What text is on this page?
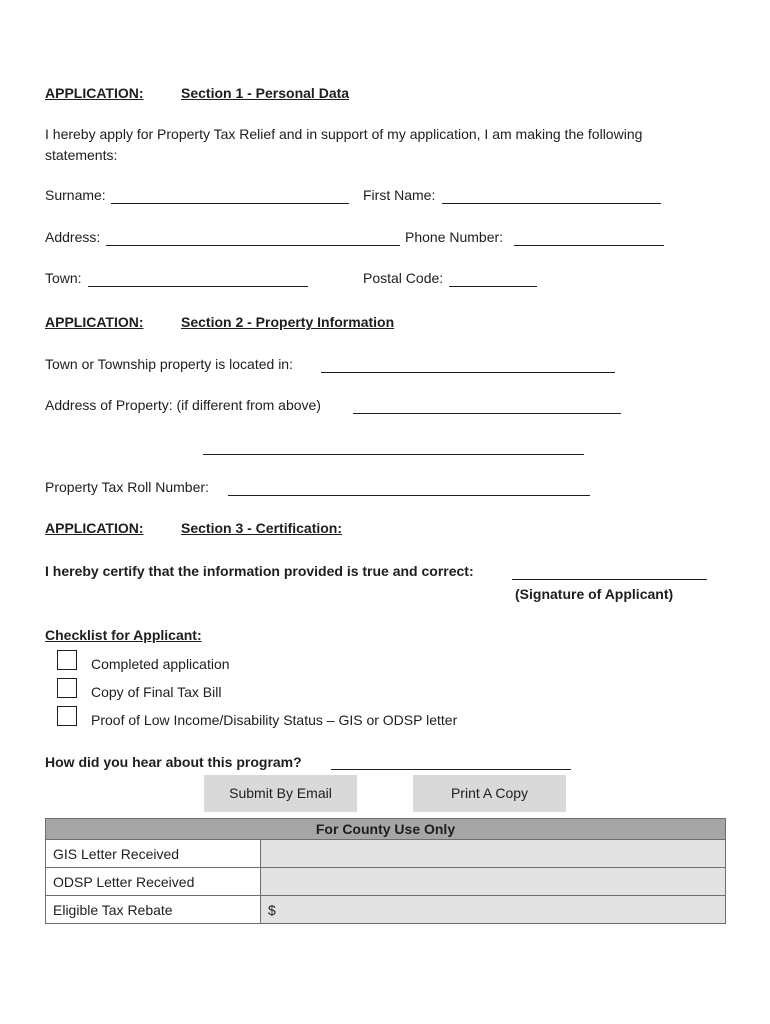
APPLICATION:	Section 1 - Personal Data
I hereby apply for Property Tax Relief and in support of my application, I am making the following
statements:
Surname:	First Name:
Address:	Phone Number:
Town:	Postal Code:
APPLICATION:	Section 2 - Property Information
Town or Township property is located in:
Address of Property: (if different from above)
Property Tax Roll Number:
APPLICATION:	Section 3 - Certification:
I hereby certify that the information provided is true and correct:
(Signature of Applicant)
Checklist for Applicant:
Completed application
Copy of Final Tax Bill
Proof of Low Income/Disability Status – GIS or ODSP letter
How did you hear about this program?
Submit By Email	Print A Copy
For County Use Only	
GIS Letter Received	
ODSP Letter Received	
Eligible Tax Rebate	$
